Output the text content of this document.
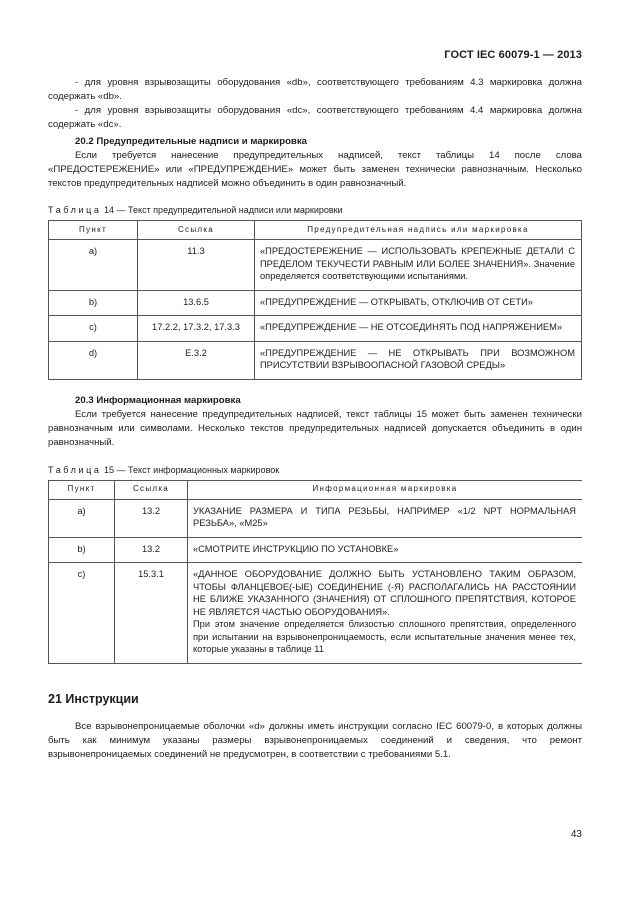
ГОСТ IEC 60079-1 — 2013

- для уровня взрывозащиты оборудования «db», соответствующего требованиям 4.3 маркировка должна содержать «db».

- для уровня взрывозащиты оборудования «dc», соответствующего требованиям 4.4 маркировка должна содержать «dc».

20.2 Предупредительные надписи и маркировка

Если требуется нанесение предупредительных надписей, текст таблицы 14 после слова «ПРЕДОСТЕРЕЖЕНИЕ» или «ПРЕДУПРЕЖДЕНИЕ» может быть заменен технически равнозначным. Несколько текстов предупредительных надписей можно объединить в один равнозначный.

Таблица 14 — Текст предупредительной надписи или маркировки
Пункт	Ссылка	Предупредительная надпись или маркировка
a)	11.3	«ПРЕДОСТЕРЕЖЕНИЕ — ИСПОЛЬЗОВАТЬ КРЕПЕЖНЫЕ ДЕТАЛИ С ПРЕДЕЛОМ ТЕКУЧЕСТИ РАВНЫМ ИЛИ БОЛЕЕ ЗНАЧЕНИЯ». Значение определяется соответствующими испытаниями.
b)	13.6.5	«ПРЕДУПРЕЖДЕНИЕ — ОТКРЫВАТЬ, ОТКЛЮЧИВ ОТ СЕТИ»
c)	17.2.2, 17.3.2, 17.3.3	«ПРЕДУПРЕЖДЕНИЕ — НЕ ОТСОЕДИНЯТЬ ПОД НАПРЯЖЕНИЕМ»
d)	Е.3.2	«ПРЕДУПРЕЖДЕНИЕ — НЕ ОТКРЫВАТЬ ПРИ ВОЗМОЖНОМ ПРИСУТСТВИИ ВЗРЫВООПАСНОЙ ГАЗОВОЙ СРЕДЫ»

20.3 Информационная маркировка

Если требуется нанесение предупредительных надписей, текст таблицы 15 может быть заменен технически равнозначным или символами. Несколько текстов предупредительных надписей допускается объединить в один равнозначный.

Таблица 15 — Текст информационных маркировок
Пункт	Ссылка	Информационная маркировка
a)	13.2	УКАЗАНИЕ РАЗМЕРА И ТИПА РЕЗЬБЫ, НАПРИМЕР «1/2 NPT НОРМАЛЬНАЯ РЕЗЬБА», «M25»
b)	13.2	«СМОТРИТЕ ИНСТРУКЦИЮ ПО УСТАНОВКЕ»
c)	15.3.1	«ДАННОЕ ОБОРУДОВАНИЕ ДОЛЖНО БЫТЬ УСТАНОВЛЕНО ТАКИМ ОБРАЗОМ, ЧТОБЫ ФЛАНЦЕВОЕ(-ЫЕ) СОЕДИНЕНИЕ (-Я) РАСПОЛАГАЛИСЬ НА РАССТОЯНИИ НЕ БЛИЖЕ УКАЗАННОГО (ЗНАЧЕНИЯ) ОТ СПЛОШНОГО ПРЕПЯТСТВИЯ, КОТОРОЕ НЕ ЯВЛЯЕТСЯ ЧАСТЬЮ ОБОРУДОВАНИЯ».
При этом значение определяется близостью сплошного препятствия, определенного при испытании на взрывонепроницаемость, если испытательные значения менее тех, которые указаны в таблице 11
21 Инструкции

Все взрывонепроницаемые оболочки «d» должны иметь инструкции согласно IEC 60079-0, в которых должны быть как минимум указаны размеры взрывонепроницаемых соединений и сведения, что ремонт взрывонепроницаемых соединений не предусмотрен, в соответствии с требованиями 5.1.

43
